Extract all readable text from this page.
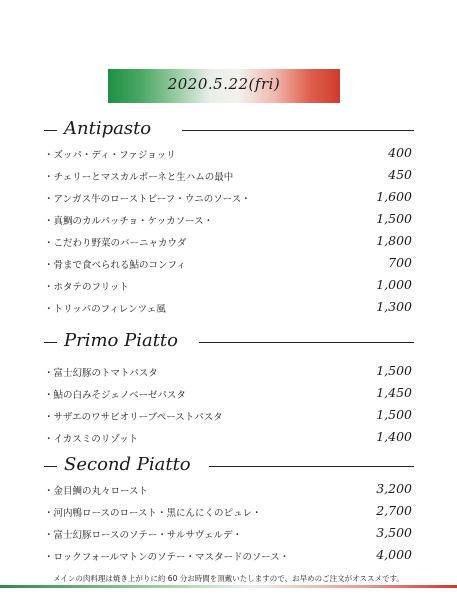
2020.5.22(fri)
Antipasto
・ズッパ・ディ・ファジョッリ	400
・チェリーとマスカルポーネと生ハムの最中	450
・アンガス牛のローストビーフ・ウニのソース・	1,600
・真鯛のカルパッチョ・ケッカソース・	1,500
・こだわり野菜のバーニャカウダ	1,800
・骨まで食べられる鮎のコンフィ	700
・ホタテのフリット	1,000
・トリッパのフィレンツェ風	1,300
Primo Piatto
・富士幻豚のトマトパスタ	1,500
・鮎の白みそジェノベーゼパスタ	1,450
・サザエのワサビオリーブペーストパスタ	1,500
・イカスミのリゾット	1,400
Second Piatto
・金目鯛の丸々ロースト	3,200
・河内鴨ロースのロースト・黒にんにくのピュレ・	2,700
・富士幻豚ロースのソテー・サルサヴェルデ・	3,500
・ロックフォールマトンのソテー・マスタードのソース・	4,000
メインの肉料理は焼き上がりに約 60 分お時間を頂戴いたしますので、お早めのご注文がオススメです。
